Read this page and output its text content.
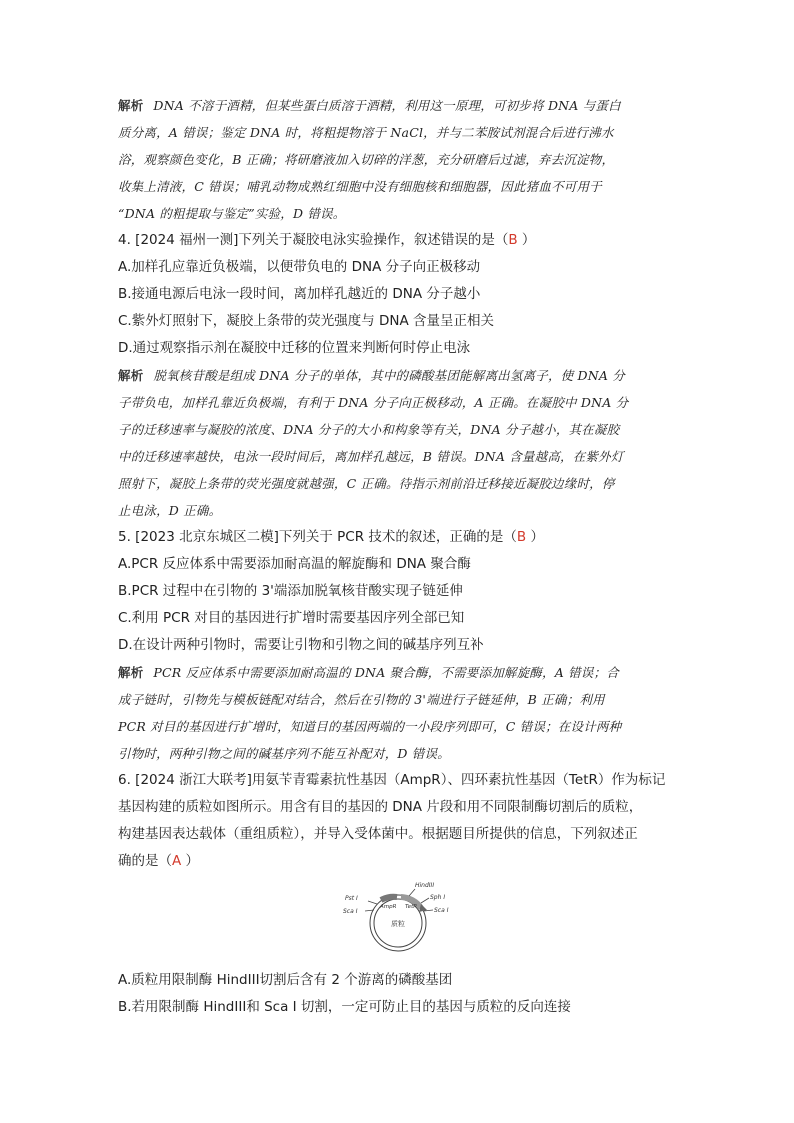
解析 DNA 不溶于酒精，但某些蛋白质溶于酒精，利用这一原理，可初步将 DNA 与蛋白
质分离，A 错误；鉴定 DNA 时，将粗提物溶于 NaCl，并与二苯胺试剂混合后进行沸水
浴，观察颜色变化，B 正确；将研磨液加入切碎的洋葱，充分研磨后过滤，弃去沉淀物，
收集上清液，C 错误；哺乳动物成熟红细胞中没有细胞核和细胞器，因此猪血不可用于
“DNA 的粗提取与鉴定”实验，D 错误。
4. [2024 福州一测]下列关于凝胶电泳实验操作，叙述错误的是（B ）
A.加样孔应靠近负极端，以便带负电的 DNA 分子向正极移动
B.接通电源后电泳一段时间，离加样孔越近的 DNA 分子越小
C.紫外灯照射下，凝胶上条带的荧光强度与 DNA 含量呈正相关
D.通过观察指示剂在凝胶中迁移的位置来判断何时停止电泳
解析 脱氧核苷酸是组成 DNA 分子的单体，其中的磷酸基团能解离出氢离子，使 DNA 分
子带负电，加样孔靠近负极端，有利于 DNA 分子向正极移动，A 正确。在凝胶中 DNA 分
子的迁移速率与凝胶的浓度、DNA 分子的大小和构象等有关，DNA 分子越小，其在凝胶
中的迁移速率越快，电泳一段时间后，离加样孔越远，B 错误。DNA 含量越高，在紫外灯
照射下，凝胶上条带的荧光强度就越强，C 正确。待指示剂前沿迁移接近凝胶边缘时，停
止电泳，D 正确。
5. [2023 北京东城区二模]下列关于 PCR 技术的叙述，正确的是（B ）
A.PCR 反应体系中需要添加耐高温的解旋酶和 DNA 聚合酶
B.PCR 过程中在引物的 3'端添加脱氧核苷酸实现子链延伸
C.利用 PCR 对目的基因进行扩增时需要基因序列全部已知
D.在设计两种引物时，需要让引物和引物之间的碱基序列互补
解析 PCR 反应体系中需要添加耐高温的 DNA 聚合酶，不需要添加解旋酶，A 错误；合
成子链时，引物先与模板链配对结合，然后在引物的 3'端进行子链延伸，B 正确；利用
PCR 对目的基因进行扩增时，知道目的基因两端的一小段序列即可，C 错误；在设计两种
引物时，两种引物之间的碱基序列不能互补配对，D 错误。
6. [2024 浙江大联考]用氨苄青霉素抗性基因（AmpR）、四环素抗性基因（TetR）作为标记
基因构建的质粒如图所示。用含有目的基因的 DNA 片段和用不同限制酶切割后的质粒，
构建基因表达载体（重组质粒），并导入受体菌中。根据题目所提供的信息，下列叙述正
确的是（A ）
质粒
AmpR TetR
Pst I
Sca I
HindIII
Sph I
Sca I
A.质粒用限制酶 HindIII切割后含有 2 个游离的磷酸基团
B.若用限制酶 HindIII和 Sca I 切割，一定可防止目的基因与质粒的反向连接
